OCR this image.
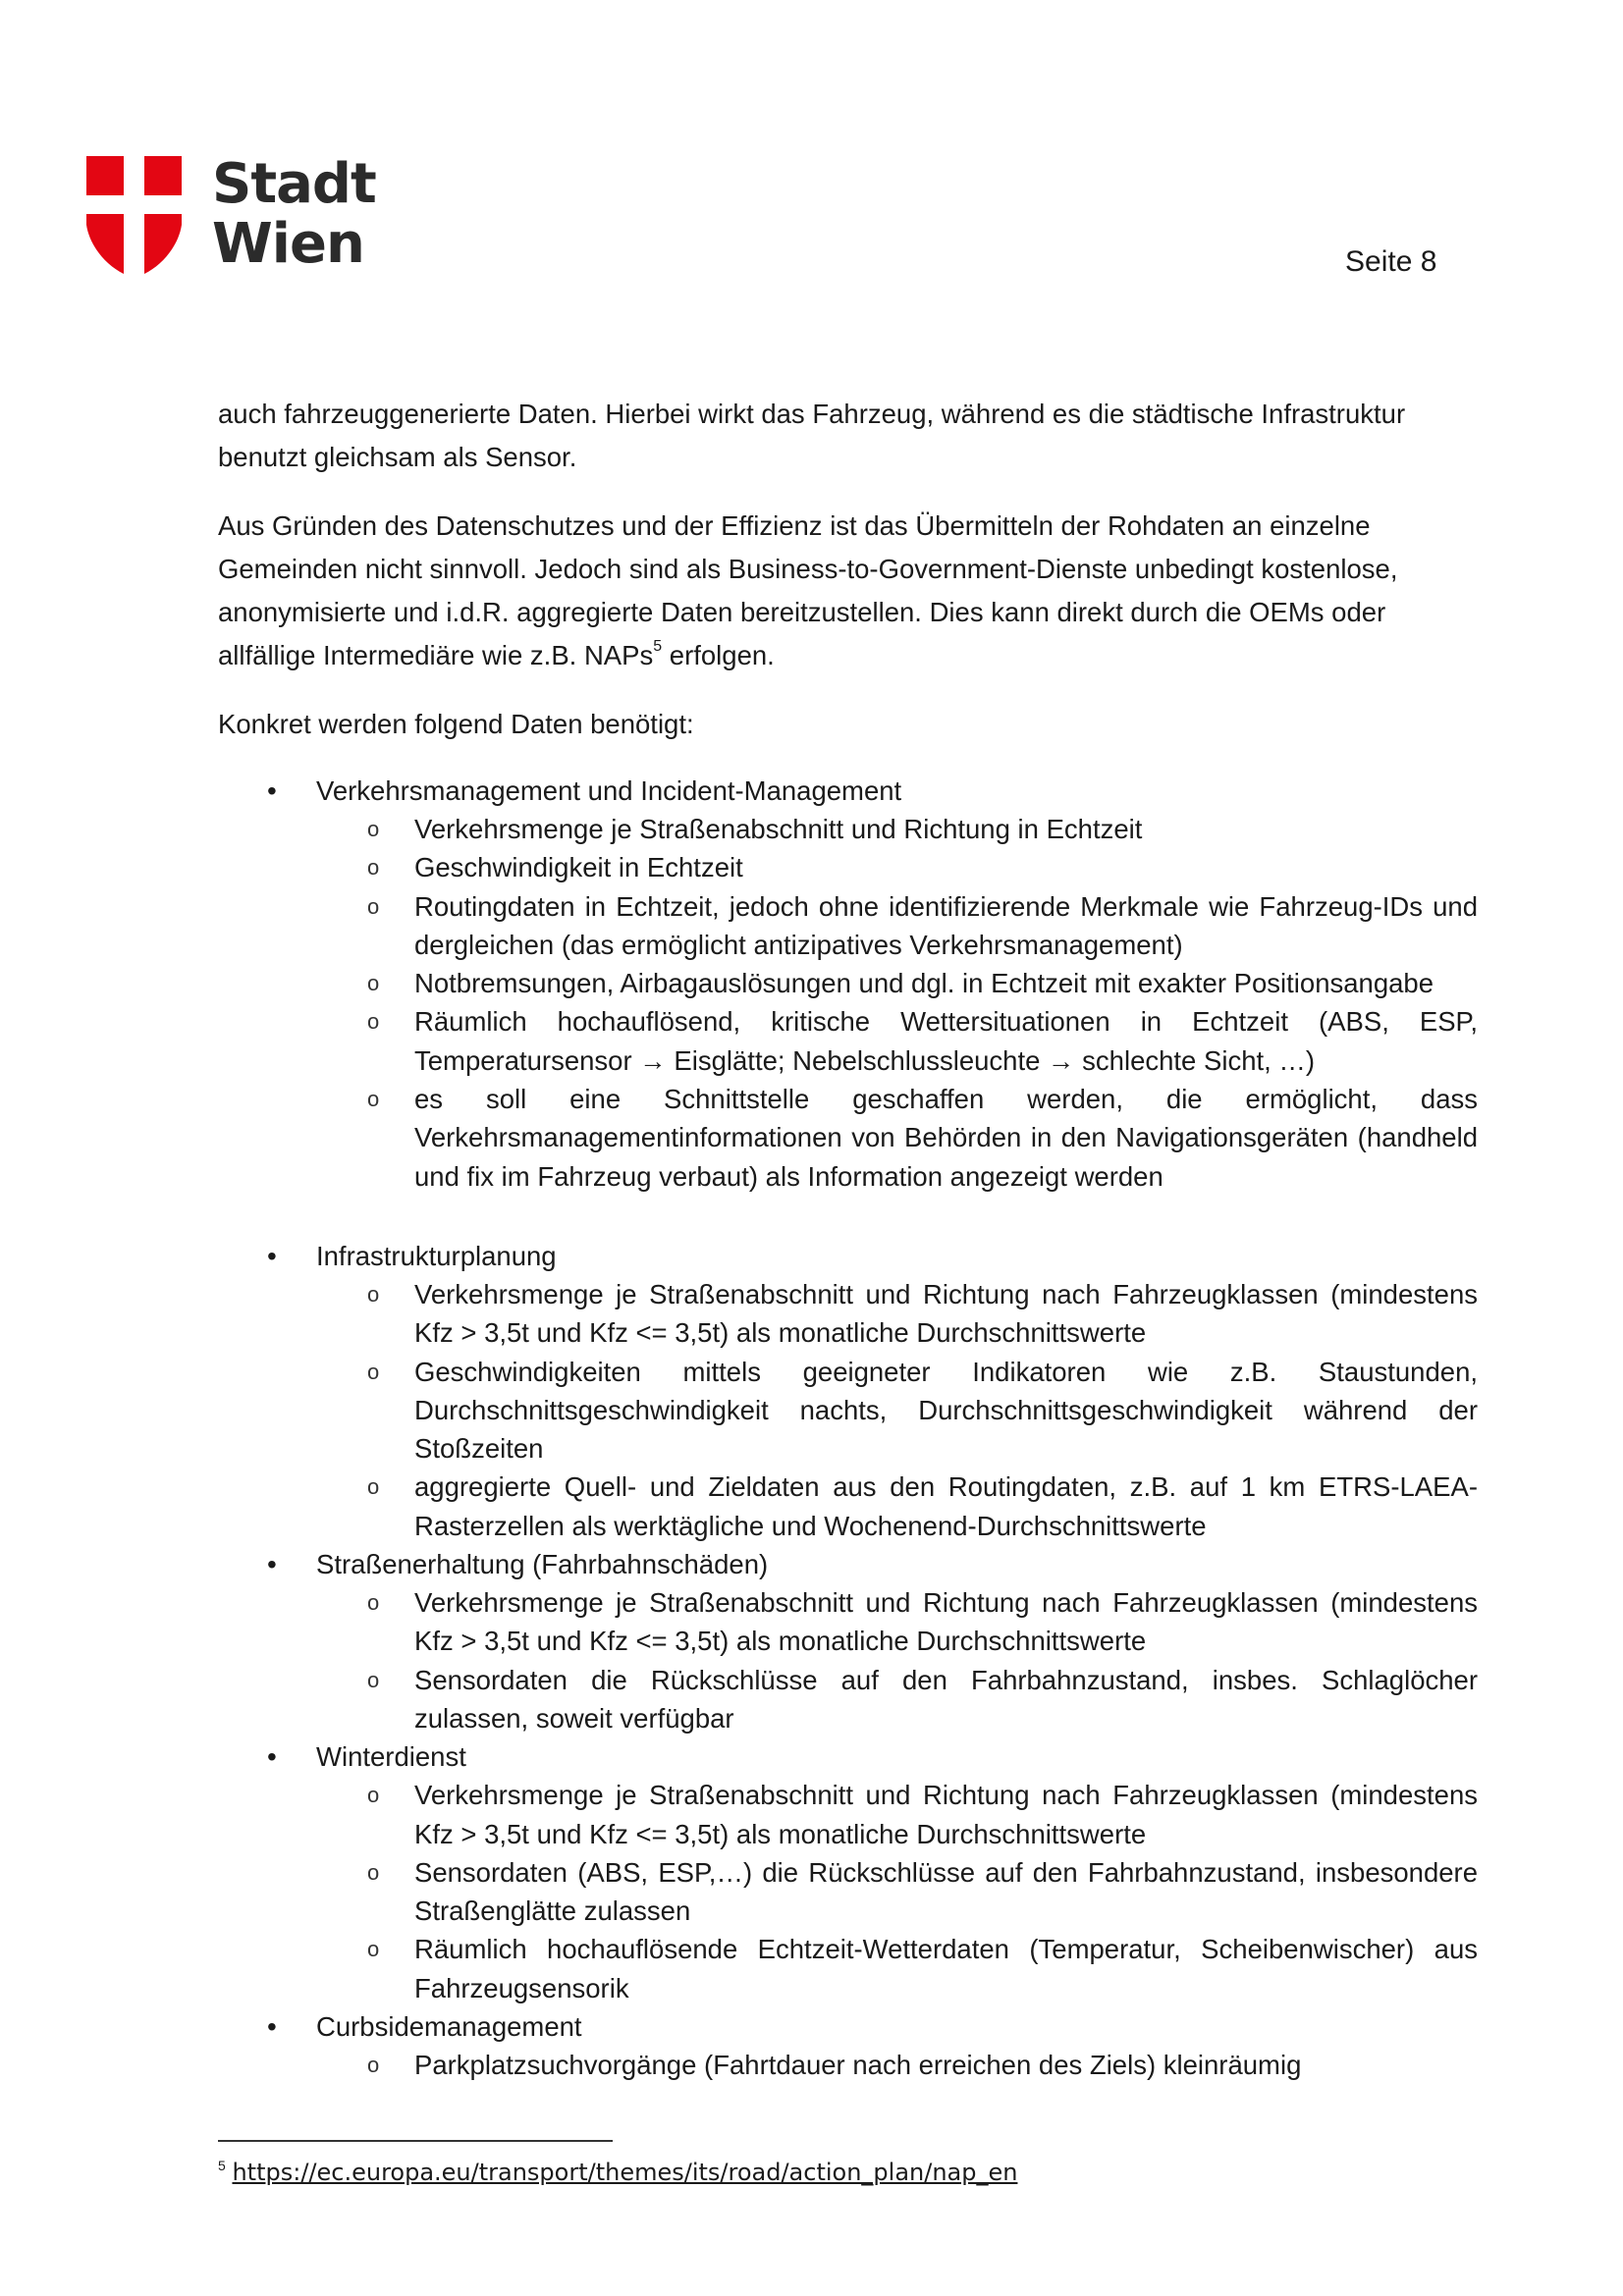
Stadt
Wien	Seite 8

auch fahrzeuggenerierte Daten. Hierbei wirkt das Fahrzeug, während es die städtische Infrastruktur benutzt gleichsam als Sensor.

Aus Gründen des Datenschutzes und der Effizienz ist das Übermitteln der Rohdaten an einzelne Gemeinden nicht sinnvoll. Jedoch sind als Business-to-Government-Dienste unbedingt kostenlose, anonymisierte und i.d.R. aggregierte Daten bereitzustellen. Dies kann direkt durch die OEMs oder allfällige Intermediäre wie z.B. NAPs$^5$ erfolgen.

Konkret werden folgend Daten benötigt:

• Verkehrsmanagement und Incident-Management
o Verkehrsmenge je Straßenabschnitt und Richtung in Echtzeit
o Geschwindigkeit in Echtzeit
o Routingdaten in Echtzeit, jedoch ohne identifizierende Merkmale wie Fahrzeug-IDs und dergleichen (das ermöglicht antizipatives Verkehrsmanagement)
o Notbremsungen, Airbagauslösungen und dgl. in Echtzeit mit exakter Positionsangabe
o Räumlich hochauflösend, kritische Wettersituationen in Echtzeit (ABS, ESP, Temperatursensor → Eisglätte; Nebelschlussleuchte → schlechte Sicht, …)
o es soll eine Schnittstelle geschaffen werden, die ermöglicht, dass Verkehrsmanagementinformationen von Behörden in den Navigationsgeräten (handheld und fix im Fahrzeug verbaut) als Information angezeigt werden
• Infrastrukturplanung
o Verkehrsmenge je Straßenabschnitt und Richtung nach Fahrzeugklassen (mindestens Kfz > 3,5t und Kfz <= 3,5t) als monatliche Durchschnittswerte
o Geschwindigkeiten mittels geeigneter Indikatoren wie z.B. Staustunden, Durchschnittsgeschwindigkeit nachts, Durchschnittsgeschwindigkeit während der Stoßzeiten
o aggregierte Quell- und Zieldaten aus den Routingdaten, z.B. auf 1 km ETRS-LAEA-Rasterzellen als werktägliche und Wochenend-Durchschnittswerte
• Straßenerhaltung (Fahrbahnschäden)
o Verkehrsmenge je Straßenabschnitt und Richtung nach Fahrzeugklassen (mindestens Kfz > 3,5t und Kfz <= 3,5t) als monatliche Durchschnittswerte
o Sensordaten die Rückschlüsse auf den Fahrbahnzustand, insbes. Schlaglöcher zulassen, soweit verfügbar
• Winterdienst
o Verkehrsmenge je Straßenabschnitt und Richtung nach Fahrzeugklassen (mindestens Kfz > 3,5t und Kfz <= 3,5t) als monatliche Durchschnittswerte
o Sensordaten (ABS, ESP,…) die Rückschlüsse auf den Fahrbahnzustand, insbesondere Straßenglätte zulassen
o Räumlich hochauflösende Echtzeit-Wetterdaten (Temperatur, Scheibenwischer) aus Fahrzeugsensorik
• Curbsidemanagement
o Parkplatzsuchvorgänge (Fahrtdauer nach erreichen des Ziels) kleinräumig
$^5$ https://ec.europa.eu/transport/themes/its/road/action_plan/nap_en
